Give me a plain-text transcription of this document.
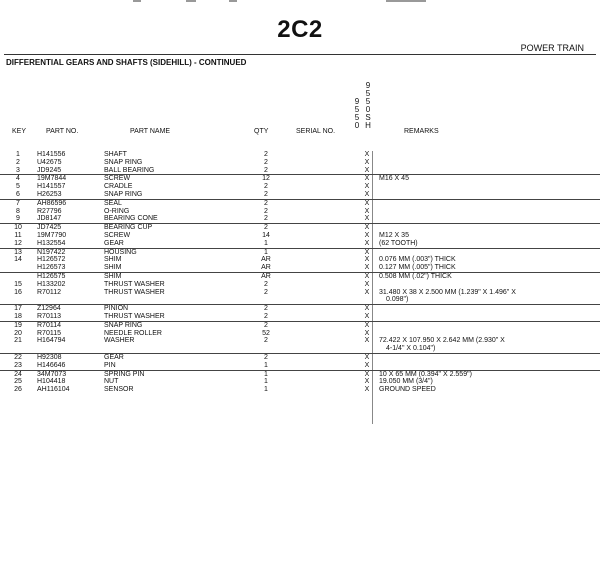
2C2
POWER TRAIN
DIFFERENTIAL GEARS AND SHAFTS (SIDEHILL) - CONTINUED
9
5
5
0
9
5
5
0
S
H
KEY	PART NO.	PART NAME	QTY	SERIAL NO.	REMARKS
1	H141556	SHAFT	2	X
2	U42675	SNAP RING	2	X
3	JD9245	BALL BEARING	2	X
4	19M7844	SCREW	12	X	M16 X 45
5	H141557	CRADLE	2	X
6	H26253	SNAP RING	2	X
7	AH86596	SEAL	2	X
8	R27796	O-RING	2	X
9	JD8147	BEARING CONE	2	X
10	JD7425	BEARING CUP	2	X
11	19M7790	SCREW	14	X	M12 X 35
12	H132554	GEAR	1	X	(62 TOOTH)
13	N197422	HOUSING	1	X
14	H126572	SHIM	AR	X	0.076 MM (.003") THICK
H126573	SHIM	AR	X	0.127 MM (.005") THICK
H126575	SHIM	AR	X	0.508 MM (.02") THICK
15	H133202	THRUST WASHER	2	X
16	R70112	THRUST WASHER	2	X	31.480 X 38 X 2.500 MM (1.239" X 1.496" X
0.098")
17	Z12964	PINION	2	X
18	R70113	THRUST WASHER	2	X
19	R70114	SNAP RING	2	X
20	R70115	NEEDLE ROLLER	52	X
21	H164794	WASHER	2	X	72.422 X 107.950 X 2.642 MM (2.930" X
4-1/4" X 0.104")
22	H92308	GEAR	2	X
23	H146646	PIN	1	X
24	34M7073	SPRING PIN	1	X	10 X 65 MM (0.394" X 2.559")
25	H104418	NUT	1	X	19.050 MM (3/4")
26	AH116104	SENSOR	1	X	GROUND SPEED
